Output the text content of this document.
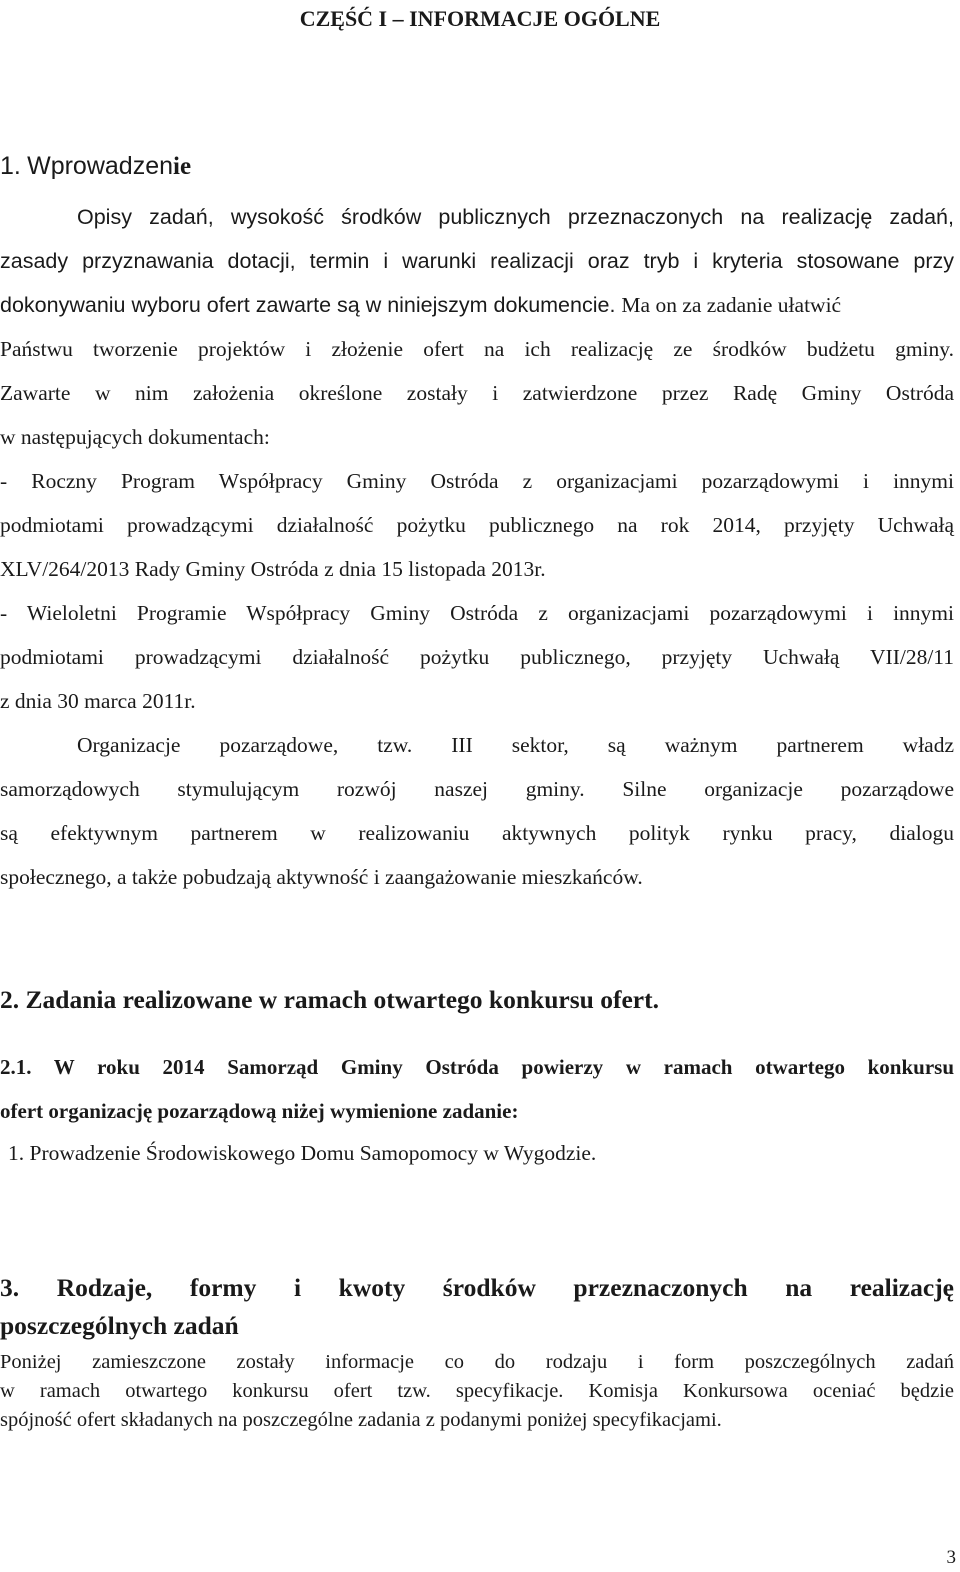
CZĘŚĆ I – INFORMACJE OGÓLNE
1. Wprowadzenie
Opisy zadań, wysokość środków publicznych przeznaczonych na realizację zadań,
zasady przyznawania dotacji, termin i warunki realizacji oraz tryb i kryteria stosowane przy
dokonywaniu wyboru ofert zawarte są w niniejszym dokumencie. Ma on za zadanie ułatwić
Państwu tworzenie projektów i złożenie ofert na ich realizację ze środków budżetu gminy.
Zawarte w nim założenia określone zostały i zatwierdzone przez Radę Gminy Ostróda
w następujących dokumentach:
- Roczny Program Współpracy Gminy Ostróda z organizacjami pozarządowymi i innymi
podmiotami prowadzącymi działalność pożytku publicznego na rok 2014, przyjęty Uchwałą
XLV/264/2013 Rady Gminy Ostróda z dnia 15 listopada 2013r.
- Wieloletni Programie Współpracy Gminy Ostróda z organizacjami pozarządowymi i innymi
podmiotami prowadzącymi działalność pożytku publicznego, przyjęty Uchwałą VII/28/11
z dnia 30 marca 2011r.
Organizacje pozarządowe, tzw. III sektor, są ważnym partnerem władz
samorządowych stymulującym rozwój naszej gminy. Silne organizacje pozarządowe
są efektywnym partnerem w realizowaniu aktywnych polityk rynku pracy, dialogu
społecznego, a także pobudzają aktywność i zaangażowanie mieszkańców.
2. Zadania realizowane w ramach otwartego konkursu ofert.
2.1. W roku 2014 Samorząd Gminy Ostróda powierzy w ramach otwartego konkursu
ofert organizację pozarządową niżej wymienione zadanie:
1. Prowadzenie Środowiskowego Domu Samopomocy w Wygodzie.
3. Rodzaje, formy i kwoty środków przeznaczonych na realizację
poszczególnych zadań
Poniżej zamieszczone zostały informacje co do rodzaju i form poszczególnych zadań
w ramach otwartego konkursu ofert tzw. specyfikacje. Komisja Konkursowa oceniać będzie
spójność ofert składanych na poszczególne zadania z podanymi poniżej specyfikacjami.
3
